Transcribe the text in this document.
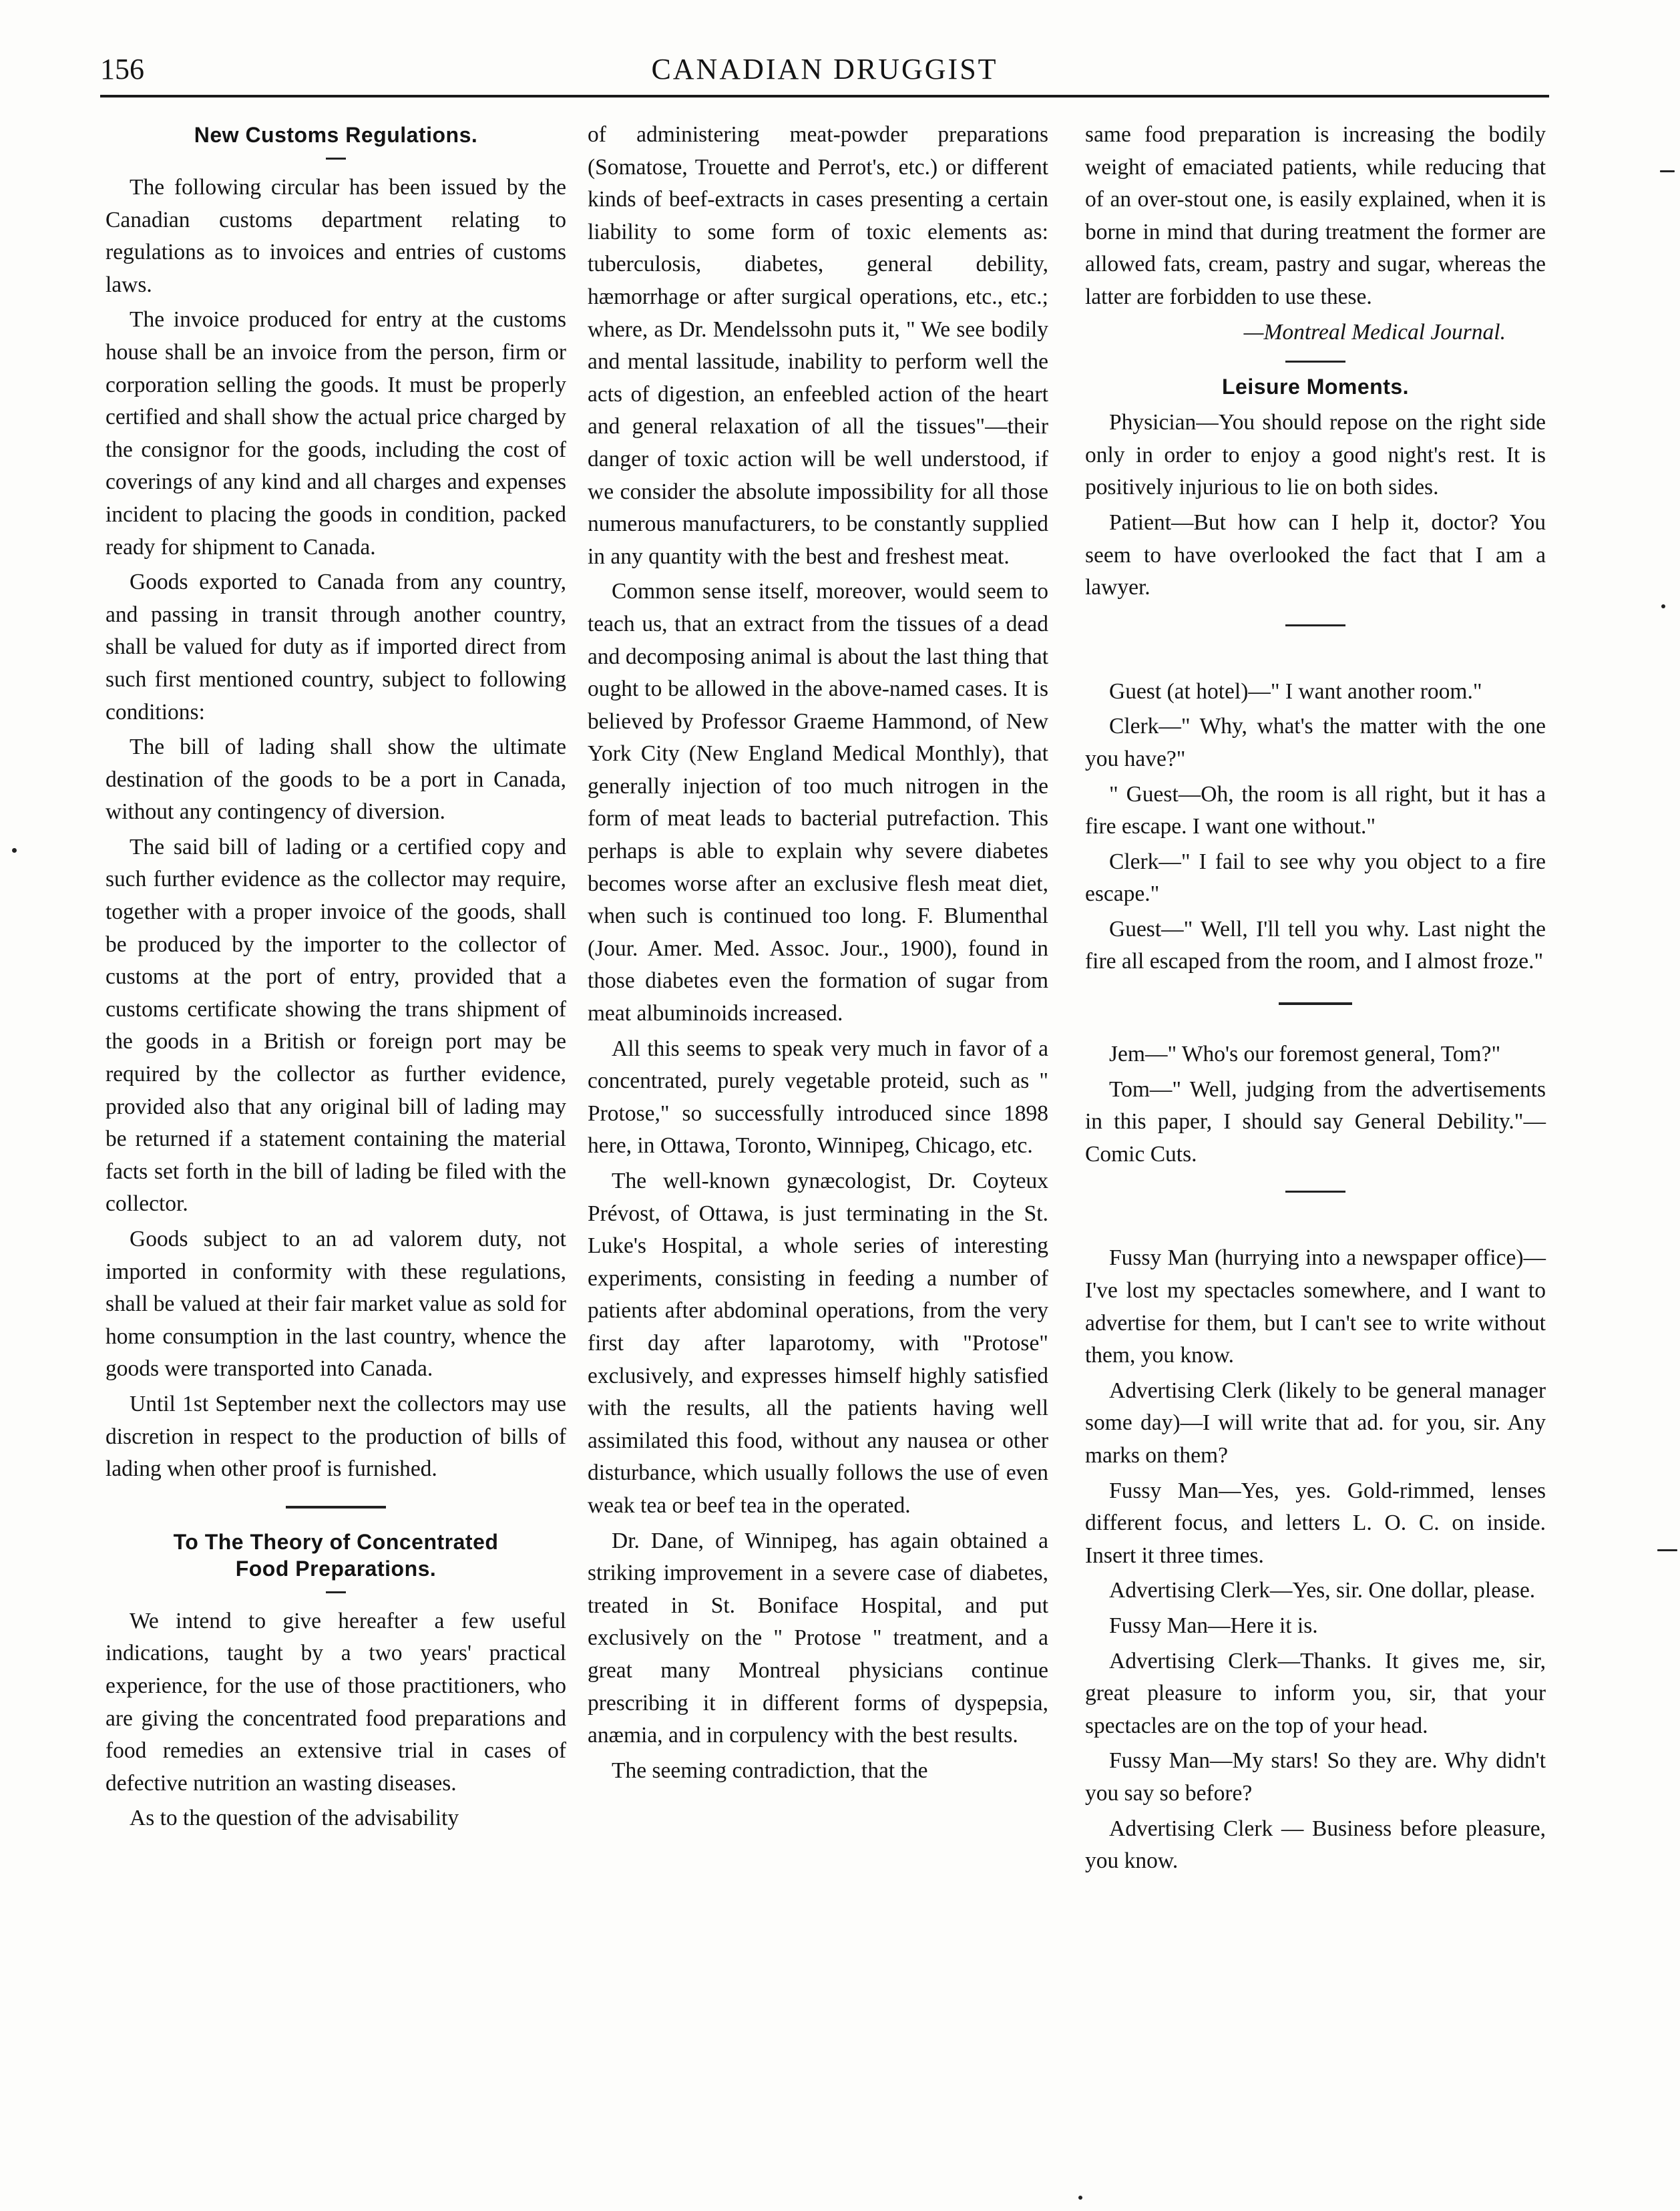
156	CANADIAN DRUGGIST
New Customs Regulations.

The following circular has been issued by the Canadian customs department relating to regulations as to invoices and entries of customs laws.

The invoice produced for entry at the customs house shall be an invoice from the person, firm or corporation selling the goods. It must be properly certified and shall show the actual price charged by the consignor for the goods, including the cost of coverings of any kind and all charges and expenses incident to placing the goods in condition, packed ready for shipment to Canada.

Goods exported to Canada from any country, and passing in transit through another country, shall be valued for duty as if imported direct from such first mentioned country, subject to following conditions:

The bill of lading shall show the ultimate destination of the goods to be a port in Canada, without any contingency of diversion.

The said bill of lading or a certified copy and such further evidence as the collector may require, together with a proper invoice of the goods, shall be produced by the importer to the collector of customs at the port of entry, provided that a customs certificate showing the trans shipment of the goods in a British or foreign port may be required by the collector as further evidence, provided also that any original bill of lading may be returned if a statement containing the material facts set forth in the bill of lading be filed with the collector.

Goods subject to an ad valorem duty, not imported in conformity with these regulations, shall be valued at their fair market value as sold for home consumption in the last country, whence the goods were transported into Canada.

Until 1st September next the collectors may use discretion in respect to the production of bills of lading when other proof is furnished.

To The Theory of Concentrated
Food Preparations.

We intend to give hereafter a few useful indications, taught by a two years' practical experience, for the use of those practitioners, who are giving the concentrated food preparations and food remedies an extensive trial in cases of defective nutrition an wasting diseases.

As to the question of the advisability

of administering meat-powder preparations (Somatose, Trouette and Perrot's, etc.) or different kinds of beef-extracts in cases presenting a certain liability to some form of toxic elements as: tuberculosis, diabetes, general debility, hæmorrhage or after surgical operations, etc., etc.; where, as Dr. Mendelssohn puts it, " We see bodily and mental lassitude, inability to perform well the acts of digestion, an enfeebled action of the heart and general relaxation of all the tissues"—their danger of toxic action will be well understood, if we consider the absolute impossibility for all those numerous manufacturers, to be constantly supplied in any quantity with the best and freshest meat.

Common sense itself, moreover, would seem to teach us, that an extract from the tissues of a dead and decomposing animal is about the last thing that ought to be allowed in the above-named cases. It is believed by Professor Graeme Hammond, of New York City (New England Medical Monthly), that generally injection of too much nitrogen in the form of meat leads to bacterial putrefaction. This perhaps is able to explain why severe diabetes becomes worse after an exclusive flesh meat diet, when such is continued too long. F. Blumenthal (Jour. Amer. Med. Assoc. Jour., 1900), found in those diabetes even the formation of sugar from meat albuminoids increased.

All this seems to speak very much in favor of a concentrated, purely vegetable proteid, such as " Protose," so successfully introduced since 1898 here, in Ottawa, Toronto, Winnipeg, Chicago, etc.

The well-known gynæcologist, Dr. Coyteux Prévost, of Ottawa, is just terminating in the St. Luke's Hospital, a whole series of interesting experiments, consisting in feeding a number of patients after abdominal operations, from the very first day after laparotomy, with "Protose" exclusively, and expresses himself highly satisfied with the results, all the patients having well assimilated this food, without any nausea or other disturbance, which usually follows the use of even weak tea or beef tea in the operated.

Dr. Dane, of Winnipeg, has again obtained a striking improvement in a severe case of diabetes, treated in St. Boniface Hospital, and put exclusively on the " Protose " treatment, and a great many Montreal physicians continue prescribing it in different forms of dyspepsia, anæmia, and in corpulency with the best results.

The seeming contradiction, that the

same food preparation is increasing the bodily weight of emaciated patients, while reducing that of an over-stout one, is easily explained, when it is borne in mind that during treatment the former are allowed fats, cream, pastry and sugar, whereas the latter are forbidden to use these.

—Montreal Medical Journal.

Leisure Moments.

Physician—You should repose on the right side only in order to enjoy a good night's rest. It is positively injurious to lie on both sides.

Patient—But how can I help it, doctor? You seem to have overlooked the fact that I am a lawyer.

Guest (at hotel)—" I want another room."

Clerk—" Why, what's the matter with the one you have?"

" Guest—Oh, the room is all right, but it has a fire escape. I want one without."

Clerk—" I fail to see why you object to a fire escape."

Guest—" Well, I'll tell you why. Last night the fire all escaped from the room, and I almost froze."

Jem—" Who's our foremost general, Tom?"

Tom—" Well, judging from the advertisements in this paper, I should say General Debility."—Comic Cuts.

Fussy Man (hurrying into a newspaper office)—I've lost my spectacles somewhere, and I want to advertise for them, but I can't see to write without them, you know.

Advertising Clerk (likely to be general manager some day)—I will write that ad. for you, sir. Any marks on them?

Fussy Man—Yes, yes. Gold-rimmed, lenses different focus, and letters L. O. C. on inside. Insert it three times.

Advertising Clerk—Yes, sir. One dollar, please.

Fussy Man—Here it is.

Advertising Clerk—Thanks. It gives me, sir, great pleasure to inform you, sir, that your spectacles are on the top of your head.

Fussy Man—My stars! So they are. Why didn't you say so before?

Advertising Clerk — Business before pleasure, you know.
